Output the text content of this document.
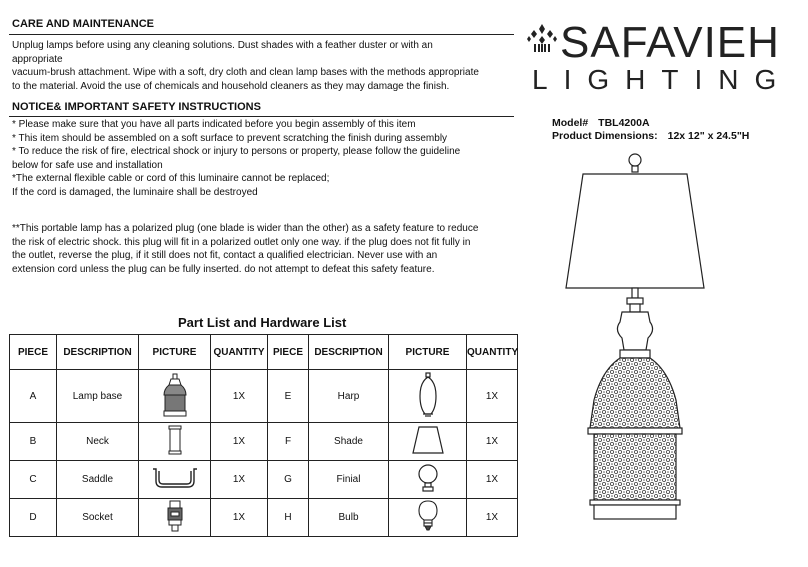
CARE AND MAINTENANCE
Unplug lamps before using any cleaning solutions. Dust shades with a feather duster or with an
appropriate
vacuum-brush attachment. Wipe with a soft, dry cloth and clean lamp bases with the methods appropriate
to the material. Avoid the use of chemicals and household cleaners as they may damage the finish.
NOTICE& IMPORTANT SAFETY INSTRUCTIONS
* Please make sure that you have all parts indicated before you begin assembly of this item
* This item should be assembled on a soft surface to prevent scratching the finish during assembly
* To reduce the risk of fire, electrical shock or injury to persons or property, please follow the guideline
below for safe use and installation
*The external flexible cable or cord of this luminaire cannot be replaced;
If the cord is damaged, the luminaire shall be destroyed
**This portable lamp has a polarized plug (one blade is wider than the other) as a safety feature to reduce
the risk of electric shock. this plug will fit in a polarized outlet only one way. if the plug does not fit fully in
the outlet, reverse the plug, if it still does not fit, contact a qualified electrician. Never use with an
extension cord unless the plug can be fully inserted. do not attempt to defeat this safety feature.
SAFAVIEH
LIGHTING
Model# TBL4200A
Product Dimensions: 12x 12" x 24.5"H
Part List and Hardware List
PIECE	DESCRIPTION	PICTURE	QUANTITY	PIECE	DESCRIPTION	PICTURE	QUANTITY
A	Lamp base		1X	E	Harp		1X
B	Neck		1X	F	Shade		1X
C	Saddle		1X	G	Finial		1X
D	Socket		1X	H	Bulb		1X
